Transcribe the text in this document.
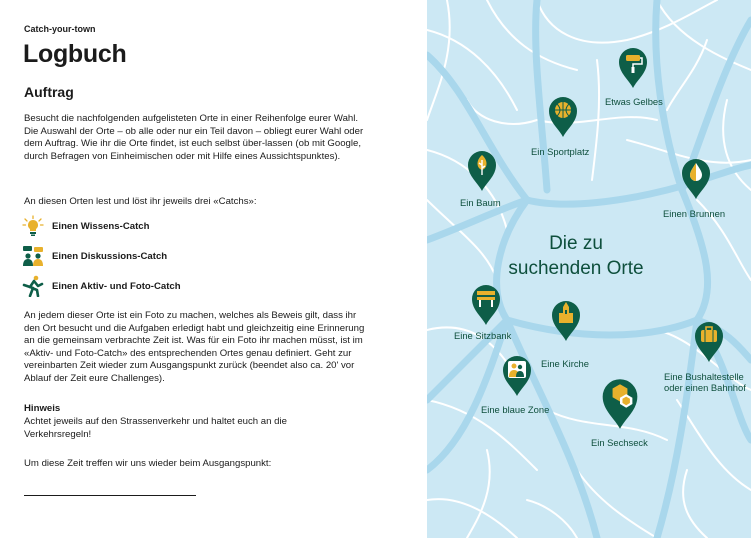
Catch-your-town
Logbuch
Auftrag

Besucht die nachfolgenden aufgelisteten Orte in einer Reihenfolge eurer Wahl. Die Auswahl der Orte – ob alle oder nur ein Teil davon – obliegt eurer Wahl oder dem Auftrag. Wie ihr die Orte findet, ist euch selbst über-lassen (ob mit Google, durch Befragen von Einheimischen oder mit Hilfe eines Aussichtspunktes).

An diesen Orten lest und löst ihr jeweils drei «Catchs»:

Einen Wissens-Catch
Einen Diskussions-Catch
Einen Aktiv- und Foto-Catch

An jedem dieser Orte ist ein Foto zu machen, welches als Beweis gilt, dass ihr den Ort besucht und die Aufgaben erledigt habt und gleichzeitig eine Erinnerung an die gemeinsam verbrachte Zeit ist. Was für ein Foto ihr machen müsst, ist im «Aktiv- und Foto-Catch» des entsprechenden Ortes genau definiert. Geht zur vereinbarten Zeit wieder zum Ausgangspunkt zurück (beendet also ca. 20' vor Ablauf der Zeit eure Challenges).

Hinweis

Achtet jeweils auf den Strassenverkehr und haltet euch an die Verkehrsregeln!

Um diese Zeit treffen wir uns wieder beim Ausgangspunkt:

Die zu
suchenden Orte
Etwas Gelbes
Ein Sportplatz
Ein Baum
Einen Brunnen
Eine Sitzbank
Eine Kirche
Eine Bushaltestelle
oder einen Bahnhof
Eine blaue Zone
Ein Sechseck
